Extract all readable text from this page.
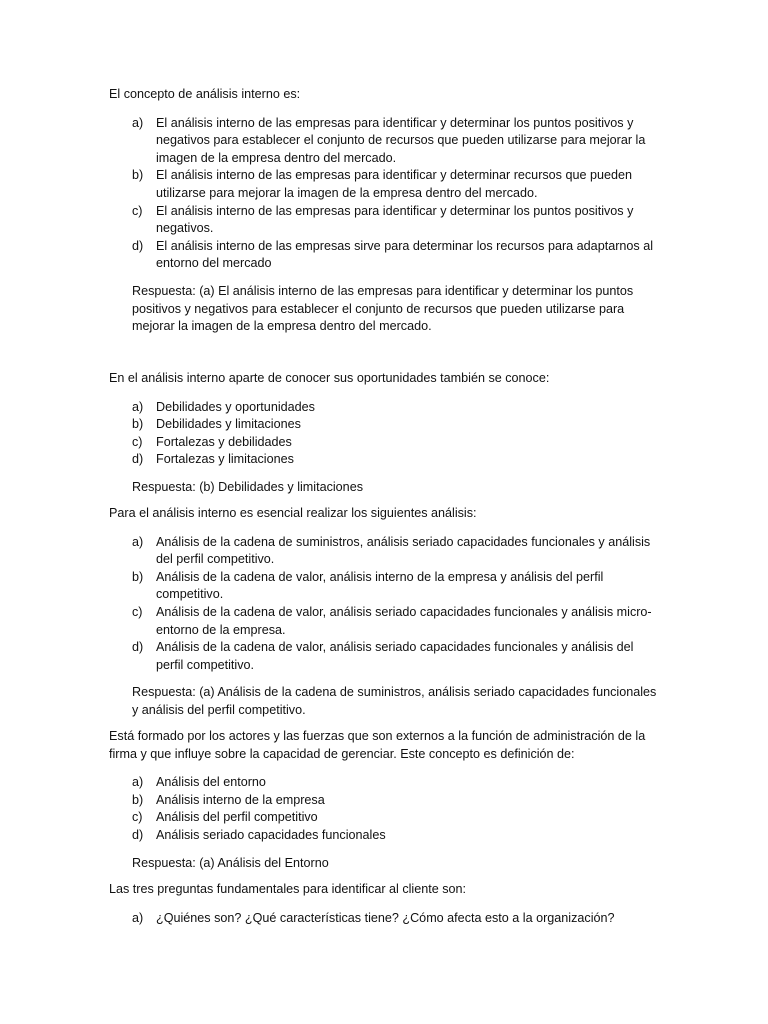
El concepto de análisis interno es:

a) El análisis interno de las empresas para identificar y determinar los puntos positivos y negativos para establecer el conjunto de recursos que pueden utilizarse para mejorar la imagen de la empresa dentro del mercado.
b) El análisis interno de las empresas para identificar y determinar recursos que pueden utilizarse para mejorar la imagen de la empresa dentro del mercado.
c) El análisis interno de las empresas para identificar y determinar los puntos positivos y negativos.
d) El análisis interno de las empresas sirve para determinar los recursos para adaptarnos al entorno del mercado

Respuesta: (a) El análisis interno de las empresas para identificar y determinar los puntos positivos y negativos para establecer el conjunto de recursos que pueden utilizarse para mejorar la imagen de la empresa dentro del mercado.

En el análisis interno aparte de conocer sus oportunidades también se conoce:

a) Debilidades y oportunidades
b) Debilidades y limitaciones
c) Fortalezas y debilidades
d) Fortalezas y limitaciones

Respuesta: (b) Debilidades y limitaciones

Para el análisis interno es esencial realizar los siguientes análisis:

a) Análisis de la cadena de suministros, análisis seriado capacidades funcionales y análisis del perfil competitivo.
b) Análisis de la cadena de valor, análisis interno de la empresa y análisis del perfil competitivo.
c) Análisis de la cadena de valor, análisis seriado capacidades funcionales y análisis micro-entorno de la empresa.
d) Análisis de la cadena de valor, análisis seriado capacidades funcionales y análisis del perfil competitivo.

Respuesta: (a) Análisis de la cadena de suministros, análisis seriado capacidades funcionales y análisis del perfil competitivo.

Está formado por los actores y las fuerzas que son externos a la función de administración de la firma y que influye sobre la capacidad de gerenciar. Este concepto es definición de:

a) Análisis del entorno
b) Análisis interno de la empresa
c) Análisis del perfil competitivo
d) Análisis seriado capacidades funcionales

Respuesta: (a) Análisis del Entorno

Las tres preguntas fundamentales para identificar al cliente son:

a) ¿Quiénes son? ¿Qué características tiene? ¿Cómo afecta esto a la organización?
